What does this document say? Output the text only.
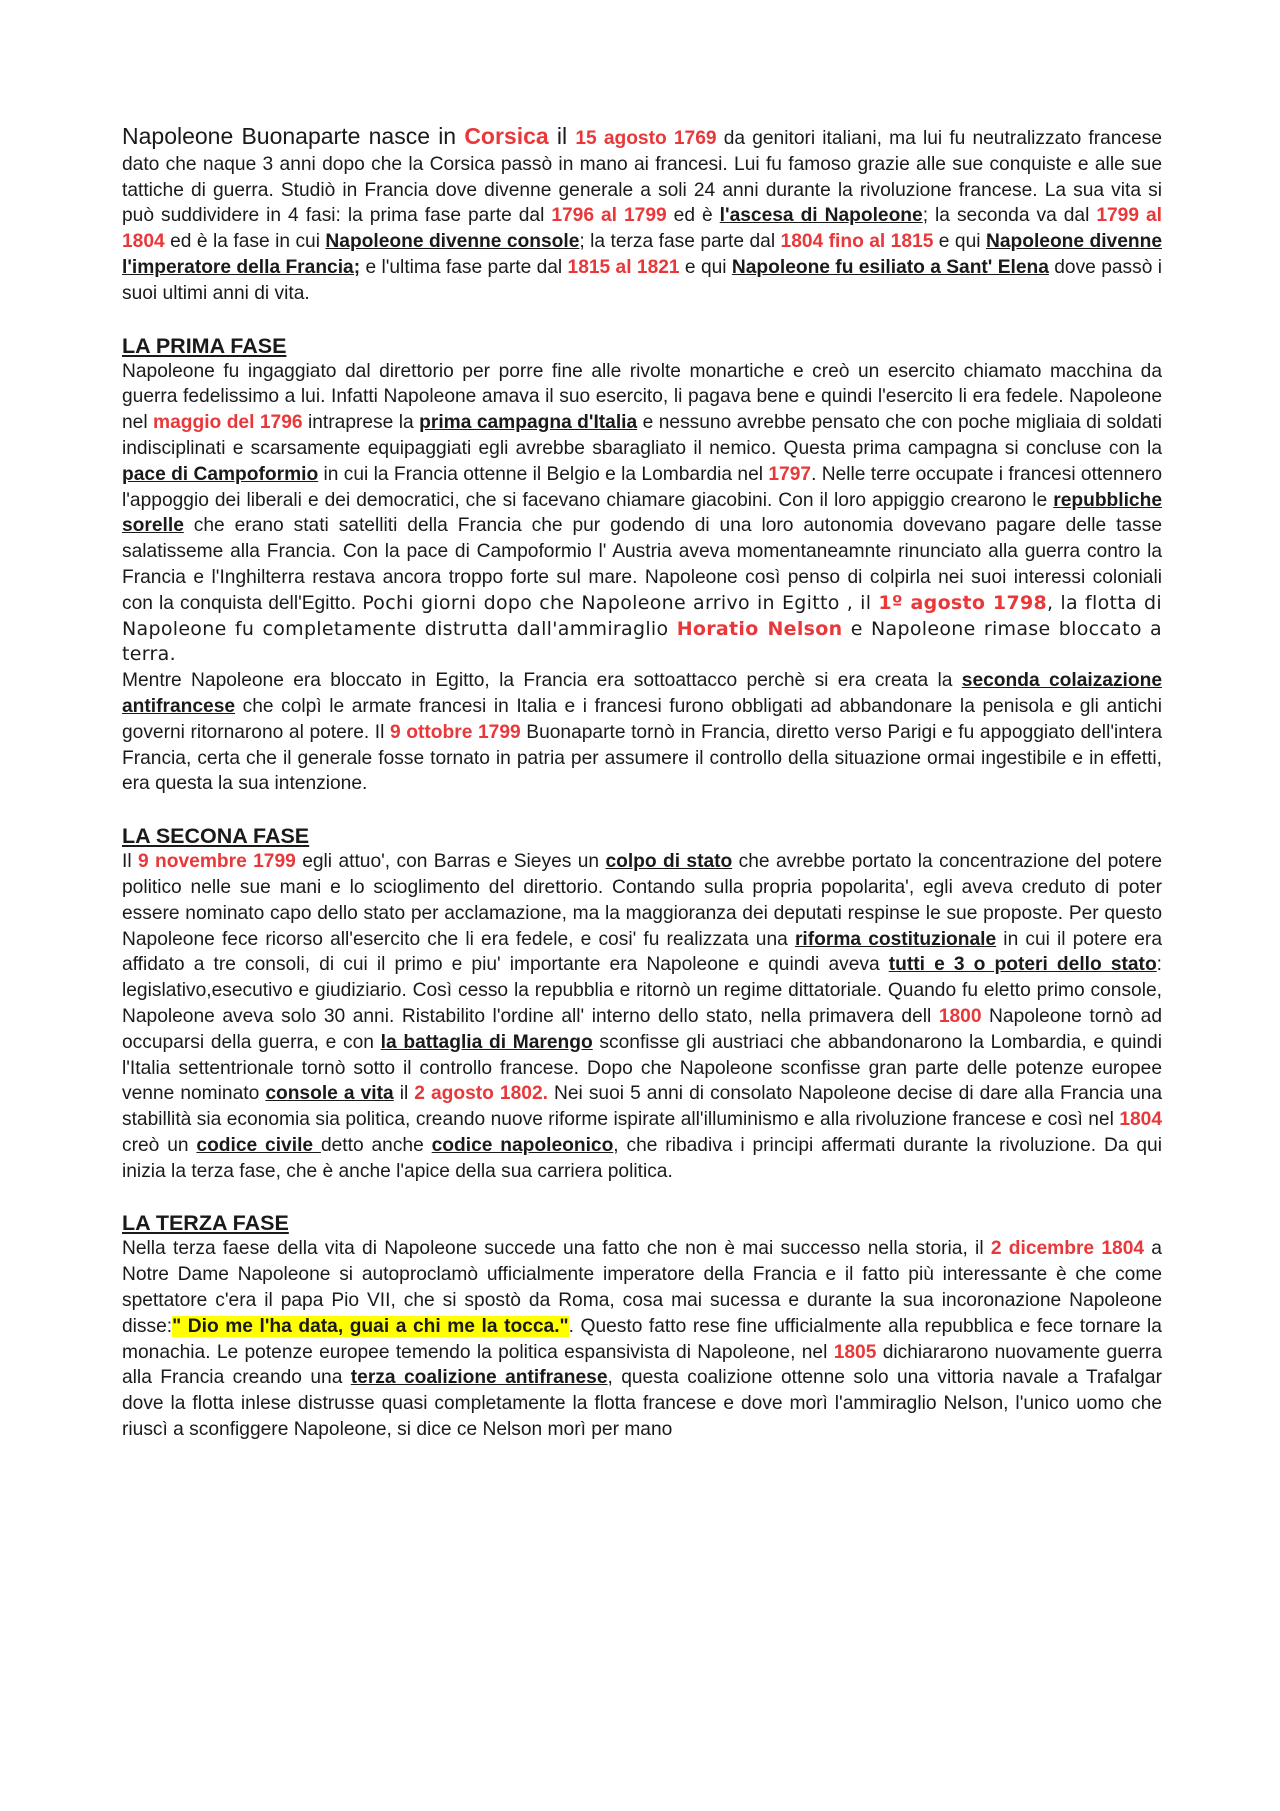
Napoleone Buonaparte nasce in Corsica il 15 agosto 1769 da genitori italiani, ma lui fu neutralizzato francese dato che naque 3 anni dopo che la Corsica passò in mano ai francesi. Lui fu famoso grazie alle sue conquiste e alle sue tattiche di guerra. Studiò in Francia dove divenne generale a soli 24 anni durante la rivoluzione francese. La sua vita si può suddividere in 4 fasi: la prima fase parte dal 1796 al 1799 ed è l'ascesa di Napoleone; la seconda va dal 1799 al 1804 ed è la fase in cui Napoleone divenne console; la terza fase parte dal 1804 fino al 1815 e qui Napoleone divenne l'imperatore della Francia; e l'ultima fase parte dal 1815 al 1821 e qui Napoleone fu esiliato a Sant' Elena dove passò i suoi ultimi anni di vita.

LA PRIMA FASE

Napoleone fu ingaggiato dal direttorio per porre fine alle rivolte monartiche e creò un esercito chiamato macchina da guerra fedelissimo a lui. Infatti Napoleone amava il suo esercito, li pagava bene e quindi l'esercito li era fedele. Napoleone nel maggio del 1796 intraprese la prima campagna d'Italia e nessuno avrebbe pensato che con poche migliaia di soldati indisciplinati e scarsamente equipaggiati egli avrebbe sbaragliato il nemico. Questa prima campagna si concluse con la pace di Campoformio in cui la Francia ottenne il Belgio e la Lombardia nel 1797. Nelle terre occupate i francesi ottennero l'appoggio dei liberali e dei democratici, che si facevano chiamare giacobini. Con il loro appiggio crearono le repubbliche sorelle che erano stati satelliti della Francia che pur godendo di una loro autonomia dovevano pagare delle tasse salatisseme alla Francia. Con la pace di Campoformio l' Austria aveva momentaneamnte rinunciato alla guerra contro la Francia e l'Inghilterra restava ancora troppo forte sul mare. Napoleone così penso di colpirla nei suoi interessi coloniali con la conquista dell'Egitto. Pochi giorni dopo che Napoleone arrivo in Egitto , il 1º agosto 1798, la flotta di Napoleone fu completamente distrutta dall'ammiraglio Horatio Nelson e Napoleone rimase bloccato a terra.

Mentre Napoleone era bloccato in Egitto, la Francia era sottoattacco perchè si era creata la seconda colaizazione antifrancese che colpì le armate francesi in Italia e i francesi furono obbligati ad abbandonare la penisola e gli antichi governi ritornarono al potere. Il 9 ottobre 1799 Buonaparte tornò in Francia, diretto verso Parigi e fu appoggiato dell'intera Francia, certa che il generale fosse tornato in patria per assumere il controllo della situazione ormai ingestibile e in effetti, era questa la sua intenzione.

LA SECONA FASE

Il 9 novembre 1799 egli attuo', con Barras e Sieyes un colpo di stato che avrebbe portato la concentrazione del potere politico nelle sue mani e lo scioglimento del direttorio. Contando sulla propria popolarita', egli aveva creduto di poter essere nominato capo dello stato per acclamazione, ma la maggioranza dei deputati respinse le sue proposte. Per questo Napoleone fece ricorso all'esercito che li era fedele, e cosi' fu realizzata una riforma costituzionale in cui il potere era affidato a tre consoli, di cui il primo e piu' importante era Napoleone e quindi aveva tutti e 3 o poteri dello stato: legislativo,esecutivo e giudiziario. Così cesso la repubblia e ritornò un regime dittatoriale. Quando fu eletto primo console, Napoleone aveva solo 30 anni. Ristabilito l'ordine all' interno dello stato, nella primavera dell 1800 Napoleone tornò ad occuparsi della guerra, e con la battaglia di Marengo sconfisse gli austriaci che abbandonarono la Lombardia, e quindi l'Italia settentrionale tornò sotto il controllo francese. Dopo che Napoleone sconfisse gran parte delle potenze europee venne nominato console a vita il 2 agosto 1802. Nei suoi 5 anni di consolato Napoleone decise di dare alla Francia una stabillità sia economia sia politica, creando nuove riforme ispirate all'illuminismo e alla rivoluzione francese e così nel 1804 creò un codice civile detto anche codice napoleonico, che ribadiva i principi affermati durante la rivoluzione. Da qui inizia la terza fase, che è anche l'apice della sua carriera politica.

LA TERZA FASE

Nella terza faese della vita di Napoleone succede una fatto che non è mai successo nella storia, il 2 dicembre 1804 a Notre Dame Napoleone si autoproclamò ufficialmente imperatore della Francia e il fatto più interessante è che come spettatore c'era il papa Pio VII, che si spostò da Roma, cosa mai sucessa e durante la sua incoronazione Napoleone disse:" Dio me l'ha data, guai a chi me la tocca.". Questo fatto rese fine ufficialmente alla repubblica e fece tornare la monachia. Le potenze europee temendo la politica espansivista di Napoleone, nel 1805 dichiararono nuovamente guerra alla Francia creando una terza coalizione antifranese, questa coalizione ottenne solo una vittoria navale a Trafalgar dove la flotta inlese distrusse quasi completamente la flotta francese e dove morì l'ammiraglio Nelson, l'unico uomo che riuscì a sconfiggere Napoleone, si dice ce Nelson morì per mano
